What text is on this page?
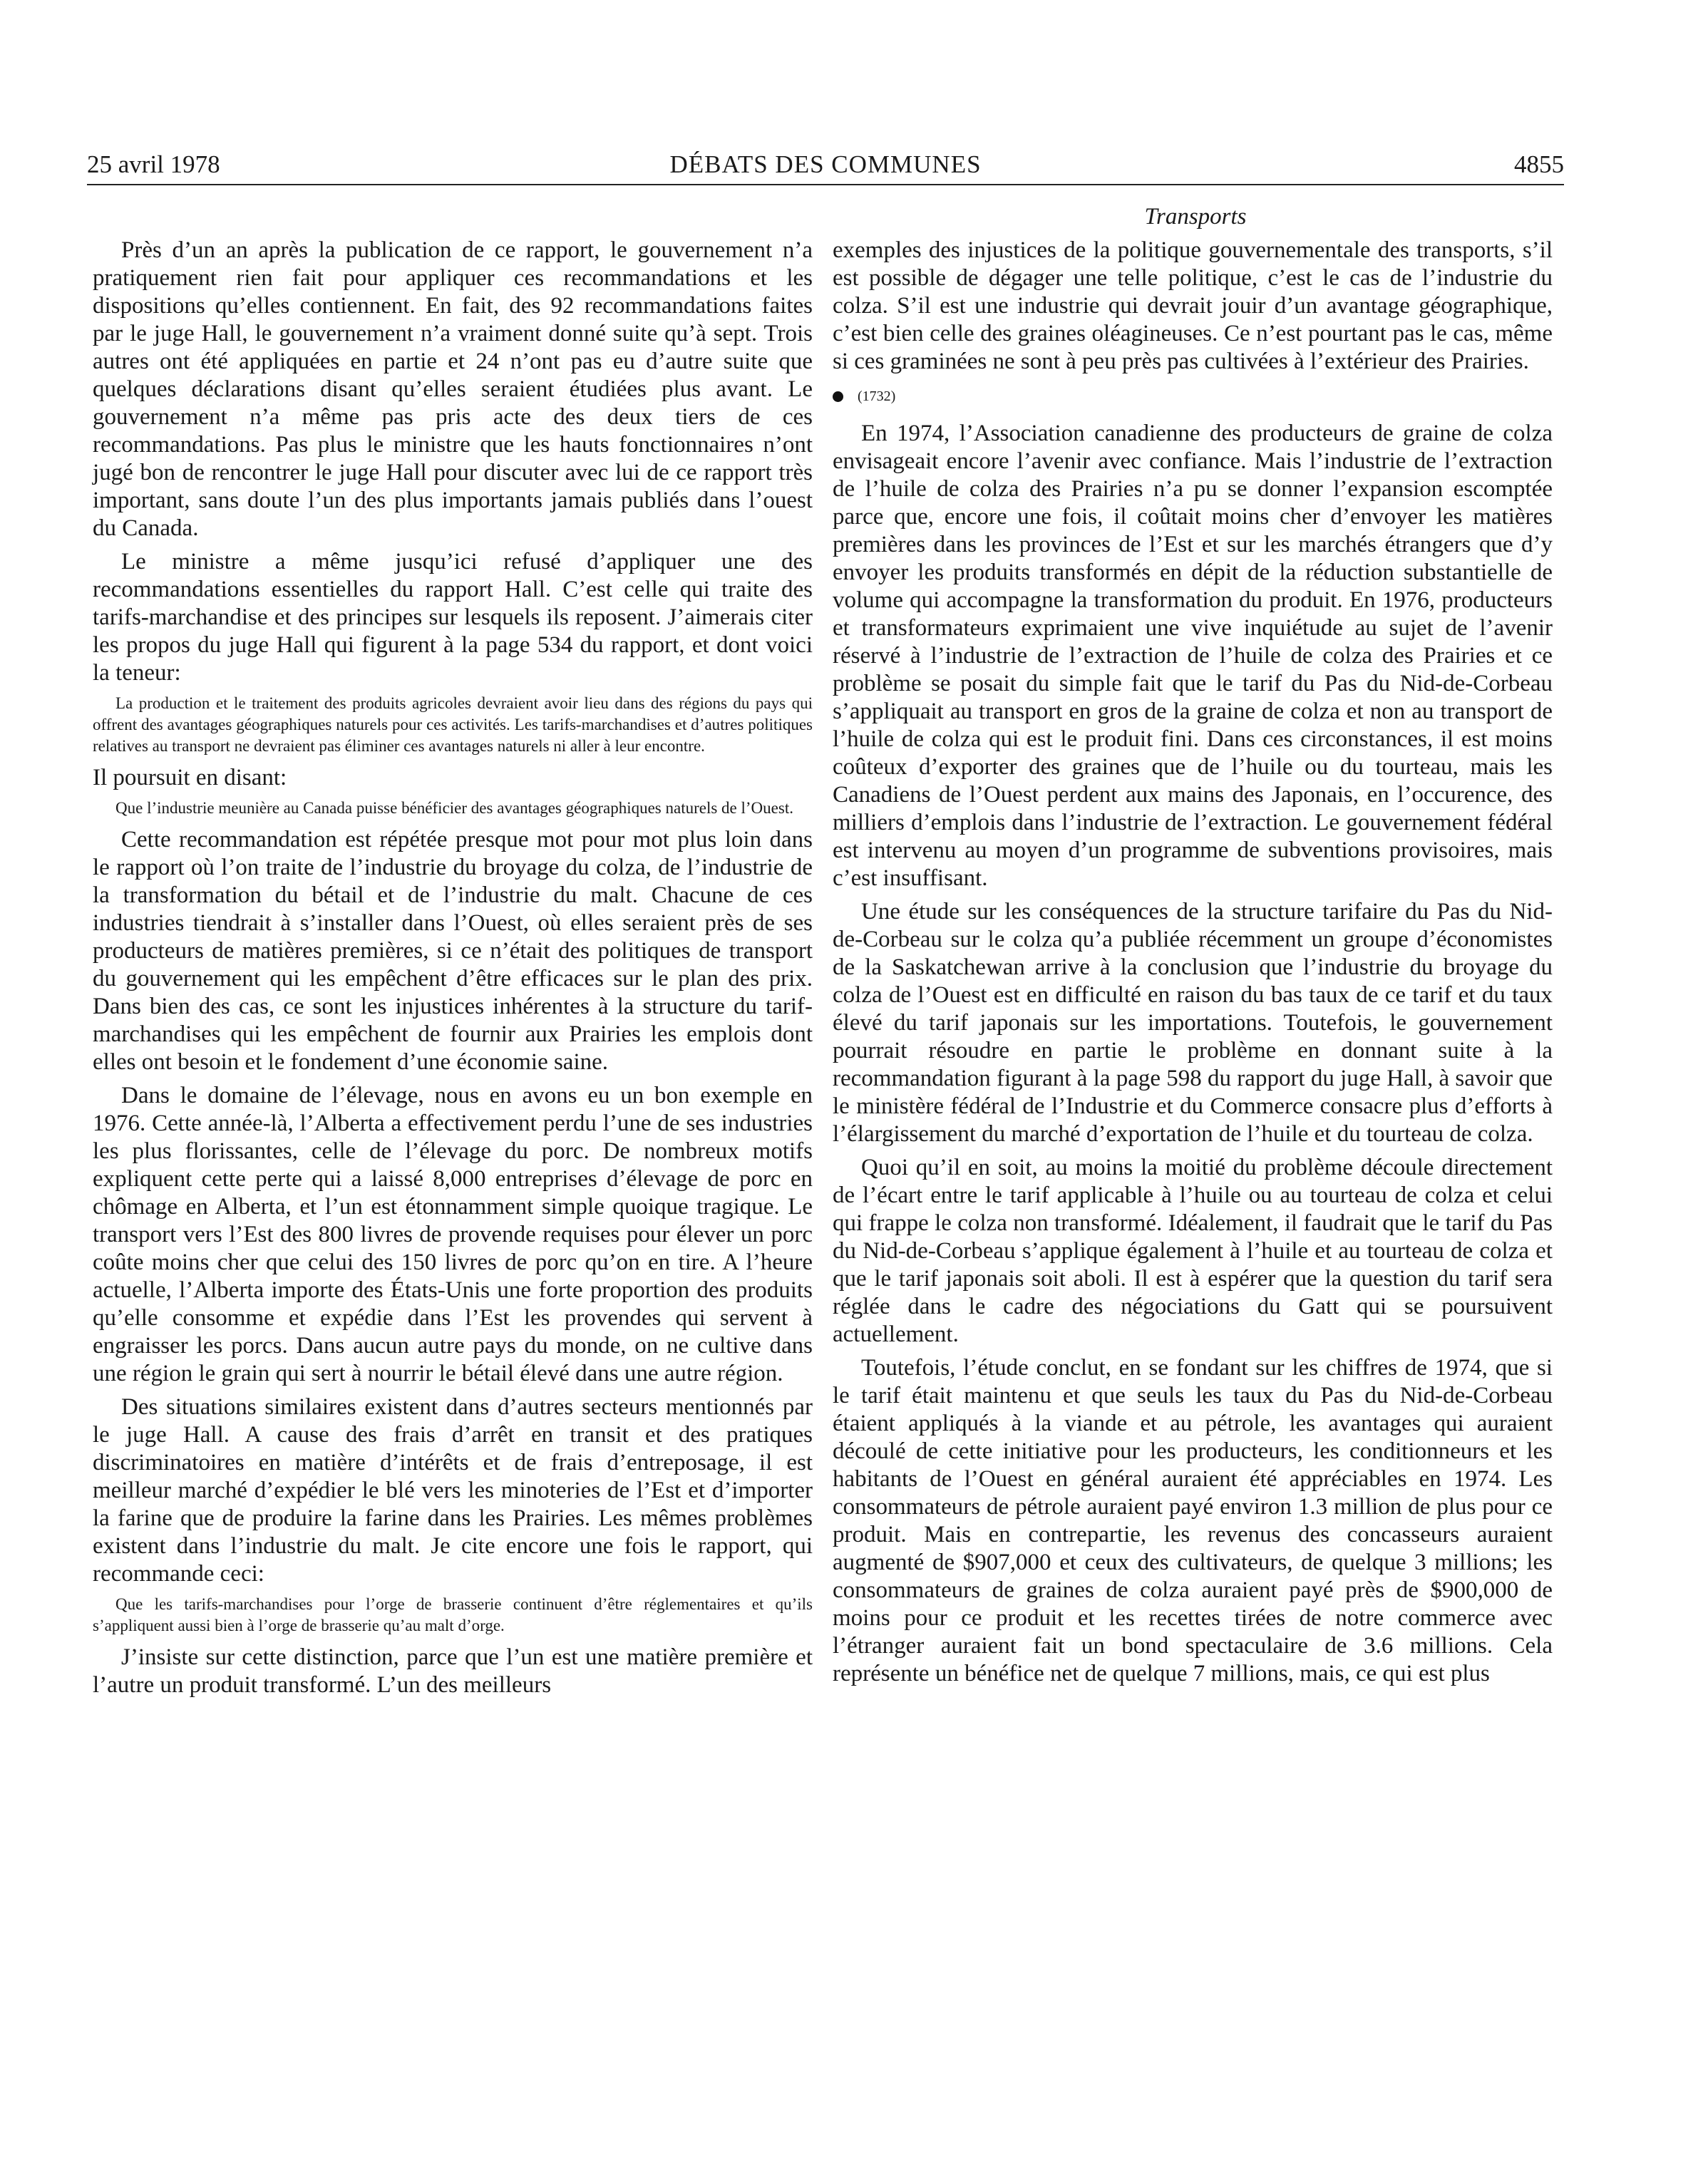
25 avril 1978	DÉBATS DES COMMUNES	4855
Transports

Près d’un an après la publication de ce rapport, le gouvernement n’a pratiquement rien fait pour appliquer ces recommandations et les dispositions qu’elles contiennent. En fait, des 92 recommandations faites par le juge Hall, le gouvernement n’a vraiment donné suite qu’à sept. Trois autres ont été appliquées en partie et 24 n’ont pas eu d’autre suite que quelques déclarations disant qu’elles seraient étudiées plus avant. Le gouvernement n’a même pas pris acte des deux tiers de ces recommandations. Pas plus le ministre que les hauts fonctionnaires n’ont jugé bon de rencontrer le juge Hall pour discuter avec lui de ce rapport très important, sans doute l’un des plus importants jamais publiés dans l’ouest du Canada.

Le ministre a même jusqu’ici refusé d’appliquer une des recommandations essentielles du rapport Hall. C’est celle qui traite des tarifs-marchandise et des principes sur lesquels ils reposent. J’aimerais citer les propos du juge Hall qui figurent à la page 534 du rapport, et dont voici la teneur:

La production et le traitement des produits agricoles devraient avoir lieu dans des régions du pays qui offrent des avantages géographiques naturels pour ces activités. Les tarifs-marchandises et d’autres politiques relatives au transport ne devraient pas éliminer ces avantages naturels ni aller à leur encontre.

Il poursuit en disant:

Que l’industrie meunière au Canada puisse bénéficier des avantages géographiques naturels de l’Ouest.

Cette recommandation est répétée presque mot pour mot plus loin dans le rapport où l’on traite de l’industrie du broyage du colza, de l’industrie de la transformation du bétail et de l’industrie du malt. Chacune de ces industries tiendrait à s’installer dans l’Ouest, où elles seraient près de ses producteurs de matières premières, si ce n’était des politiques de transport du gouvernement qui les empêchent d’être efficaces sur le plan des prix. Dans bien des cas, ce sont les injustices inhérentes à la structure du tarif-marchandises qui les empêchent de fournir aux Prairies les emplois dont elles ont besoin et le fondement d’une économie saine.

Dans le domaine de l’élevage, nous en avons eu un bon exemple en 1976. Cette année-là, l’Alberta a effectivement perdu l’une de ses industries les plus florissantes, celle de l’élevage du porc. De nombreux motifs expliquent cette perte qui a laissé 8,000 entreprises d’élevage de porc en chômage en Alberta, et l’un est étonnamment simple quoique tragique. Le transport vers l’Est des 800 livres de provende requises pour élever un porc coûte moins cher que celui des 150 livres de porc qu’on en tire. A l’heure actuelle, l’Alberta importe des États-Unis une forte proportion des produits qu’elle consomme et expédie dans l’Est les provendes qui servent à engraisser les porcs. Dans aucun autre pays du monde, on ne cultive dans une région le grain qui sert à nourrir le bétail élevé dans une autre région.

Des situations similaires existent dans d’autres secteurs mentionnés par le juge Hall. A cause des frais d’arrêt en transit et des pratiques discriminatoires en matière d’intérêts et de frais d’entreposage, il est meilleur marché d’expédier le blé vers les minoteries de l’Est et d’importer la farine que de produire la farine dans les Prairies. Les mêmes problèmes existent dans l’industrie du malt. Je cite encore une fois le rapport, qui recommande ceci:

Que les tarifs-marchandises pour l’orge de brasserie continuent d’être réglementaires et qu’ils s’appliquent aussi bien à l’orge de brasserie qu’au malt d’orge.

J’insiste sur cette distinction, parce que l’un est une matière première et l’autre un produit transformé. L’un des meilleurs

exemples des injustices de la politique gouvernementale des transports, s’il est possible de dégager une telle politique, c’est le cas de l’industrie du colza. S’il est une industrie qui devrait jouir d’un avantage géographique, c’est bien celle des graines oléagineuses. Ce n’est pourtant pas le cas, même si ces graminées ne sont à peu près pas cultivées à l’extérieur des Prairies.

(1732)

En 1974, l’Association canadienne des producteurs de graine de colza envisageait encore l’avenir avec confiance. Mais l’industrie de l’extraction de l’huile de colza des Prairies n’a pu se donner l’expansion escomptée parce que, encore une fois, il coûtait moins cher d’envoyer les matières premières dans les provinces de l’Est et sur les marchés étrangers que d’y envoyer les produits transformés en dépit de la réduction substantielle de volume qui accompagne la transformation du produit. En 1976, producteurs et transformateurs exprimaient une vive inquiétude au sujet de l’avenir réservé à l’industrie de l’extraction de l’huile de colza des Prairies et ce problème se posait du simple fait que le tarif du Pas du Nid-de-Corbeau s’appliquait au transport en gros de la graine de colza et non au transport de l’huile de colza qui est le produit fini. Dans ces circonstances, il est moins coûteux d’exporter des graines que de l’huile ou du tourteau, mais les Canadiens de l’Ouest perdent aux mains des Japonais, en l’occurence, des milliers d’emplois dans l’industrie de l’extraction. Le gouvernement fédéral est intervenu au moyen d’un programme de subventions provisoires, mais c’est insuffisant.

Une étude sur les conséquences de la structure tarifaire du Pas du Nid-de-Corbeau sur le colza qu’a publiée récemment un groupe d’économistes de la Saskatchewan arrive à la conclusion que l’industrie du broyage du colza de l’Ouest est en difficulté en raison du bas taux de ce tarif et du taux élevé du tarif japonais sur les importations. Toutefois, le gouvernement pourrait résoudre en partie le problème en donnant suite à la recommandation figurant à la page 598 du rapport du juge Hall, à savoir que le ministère fédéral de l’Industrie et du Commerce consacre plus d’efforts à l’élargissement du marché d’exportation de l’huile et du tourteau de colza.

Quoi qu’il en soit, au moins la moitié du problème découle directement de l’écart entre le tarif applicable à l’huile ou au tourteau de colza et celui qui frappe le colza non transformé. Idéalement, il faudrait que le tarif du Pas du Nid-de-Corbeau s’applique également à l’huile et au tourteau de colza et que le tarif japonais soit aboli. Il est à espérer que la question du tarif sera réglée dans le cadre des négociations du Gatt qui se poursuivent actuellement.

Toutefois, l’étude conclut, en se fondant sur les chiffres de 1974, que si le tarif était maintenu et que seuls les taux du Pas du Nid-de-Corbeau étaient appliqués à la viande et au pétrole, les avantages qui auraient découlé de cette initiative pour les producteurs, les conditionneurs et les habitants de l’Ouest en général auraient été appréciables en 1974. Les consommateurs de pétrole auraient payé environ 1.3 million de plus pour ce produit. Mais en contrepartie, les revenus des concasseurs auraient augmenté de $907,000 et ceux des cultivateurs, de quelque 3 millions; les consommateurs de graines de colza auraient payé près de $900,000 de moins pour ce produit et les recettes tirées de notre commerce avec l’étranger auraient fait un bond spectaculaire de 3.6 millions. Cela représente un bénéfice net de quelque 7 millions, mais, ce qui est plus
